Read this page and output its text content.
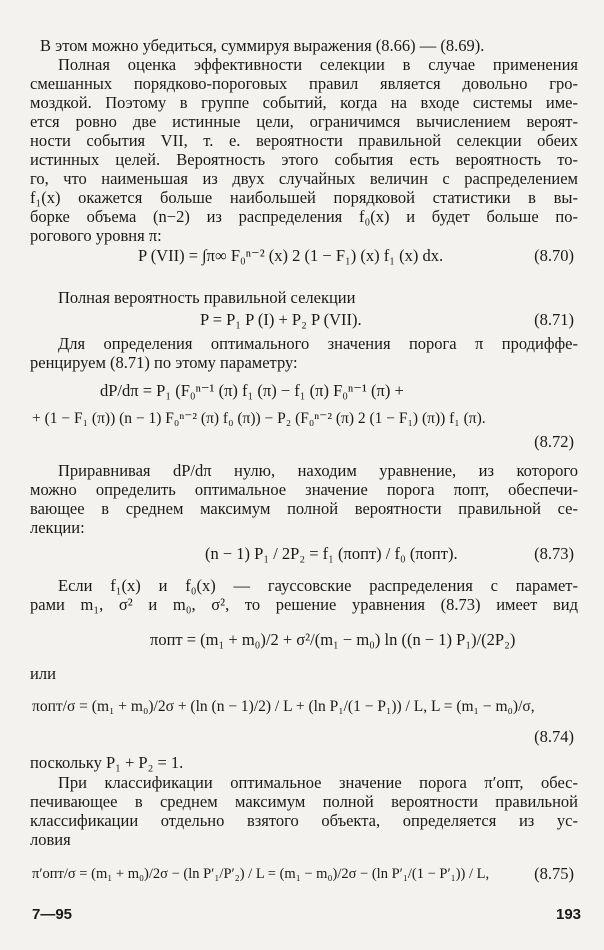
В этом можно убедиться, суммируя выражения (8.66) — (8.69).
Полная оценка эффективности селекции в случае применения
смешанных порядково-пороговых правил является довольно гро-
моздкой. Поэтому в группе событий, когда на входе системы име-
ется ровно две истинные цели, ограничимся вычислением вероят-
ности события VII, т. е. вероятности правильной селекции обеих
истинных целей. Вероятность этого события есть вероятность то-
го, что наименьшая из двух случайных величин с распределением
f₁(x) окажется больше наибольшей порядковой статистики в вы-
борке объема (n−2) из распределения f₀(x) и будет больше по-
рогового уровня π:
P (VII) = ∫π∞ F₀ⁿ⁻² (x) 2 (1 − F₁) (x) f₁ (x) dx.	(8.70)
Полная вероятность правильной селекции
P = P₁ P (I) + P₂ P (VII).	(8.71)
Для определения оптимального значения порога π продиффе-
ренцируем (8.71) по этому параметру:
dP/dπ = P₁ (F₀ⁿ⁻¹ (π) f₁ (π) − f₁ (π) F₀ⁿ⁻¹ (π) +
+ (1 − F₁ (π)) (n − 1) F₀ⁿ⁻² (π) f₀ (π)) − P₂ (F₀ⁿ⁻² (π) 2 (1 − F₁) (π)) f₁ (π).
(8.72)
Приравнивая dP/dπ нулю, находим уравнение, из которого
можно определить оптимальное значение порога πопт, обеспечи-
вающее в среднем максимум полной вероятности правильной се-
лекции:
(n − 1) P₁ / 2P₂ = f₁ (πопт) / f₀ (πопт).	(8.73)
Если f₁(x) и f₀(x) — гауссовские распределения с парамет-
рами m₁, σ² и m₀, σ², то решение уравнения (8.73) имеет вид
πопт = (m₁ + m₀)/2 + σ²/(m₁ − m₀) ln ((n − 1) P₁)/(2P₂)
или
πопт/σ = (m₁ + m₀)/2σ + (ln (n − 1)/2) / L + (ln P₁/(1 − P₁)) / L, L = (m₁ − m₀)/σ,
(8.74)
поскольку P₁ + P₂ = 1.
При классификации оптимальное значение порога π′опт, обес-
печивающее в среднем максимум полной вероятности правильной
классификации отдельно взятого объекта, определяется из ус-
ловия
π′опт/σ = (m₁ + m₀)/2σ − (ln P′₁/P′₂) / L = (m₁ − m₀)/2σ − (ln P′₁/(1 − P′₁)) / L,	(8.75)
7—95	193
